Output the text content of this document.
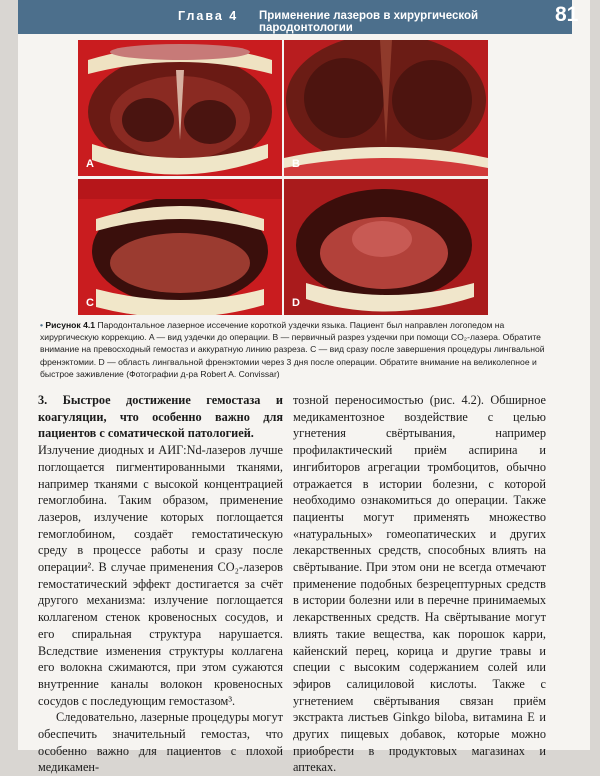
Глава 4 Применение лазеров в хирургической пародонтологии
81
A	B
C	D
• Рисунок 4.1 Пародонтальное лазерное иссечение короткой уздечки языка. Пациент был направлен логопедом на хирургическую коррекцию. A — вид уздечки до операции. B — первичный разрез уздечки при помощи CO₂-лазера. Обратите внимание на превосходный гемостаз и аккуратную линию разреза. C — вид сразу после завершения процедуры лингвальной френэктомии. D — область лингвальной френэктомии через 3 дня после операции. Обратите внимание на великолепное и быстрое заживление (Фотографии д-ра Robert A. Convissar)

3. Быстрое достижение гемостаза и коагуляции, что особенно важно для пациентов с соматической патологией.

Излучение диодных и АИГ:Nd-лазеров лучше поглощается пигментированными тканями, например тканями с высокой концентрацией гемоглобина. Таким образом, применение лазеров, излучение которых поглощается гемоглобином, создаёт гемостатическую среду в процессе работы и сразу после операции². В случае применения CO₂-лазеров гемостатический эффект достигается за счёт другого механизма: излучение поглощается коллагеном стенок кровеносных сосудов, и его спиральная структура нарушается. Вследствие изменения структуры коллагена его волокна сжимаются, при этом сужаются внутренние каналы волокон кровеносных сосудов с последующим гемостазом³.

Следовательно, лазерные процедуры могут обеспечить значительный гемостаз, что особенно важно для пациентов с плохой медикамен-

тозной переносимостью (рис. 4.2). Обширное медикаментозное воздействие с целью угнетения свёртывания, например профилактический приём аспирина и ингибиторов агрегации тромбоцитов, обычно отражается в истории болезни, с которой необходимо ознакомиться до операции. Также пациенты могут применять множество «натуральных» гомеопатических и других лекарственных средств, способных влиять на свёртывание. При этом они не всегда отмечают применение подобных безрецептурных средств в истории болезни или в перечне принимаемых лекарственных средств. На свёртывание могут влиять такие вещества, как порошок карри, кайенский перец, корица и другие травы и специи с высоким содержанием солей или эфиров салициловой кислоты. Также с угнетением свёртывания связан приём экстракта листьев Ginkgo biloba, витамина E и других пищевых добавок, которые можно приобрести в продуктовых магазинах и аптеках.
